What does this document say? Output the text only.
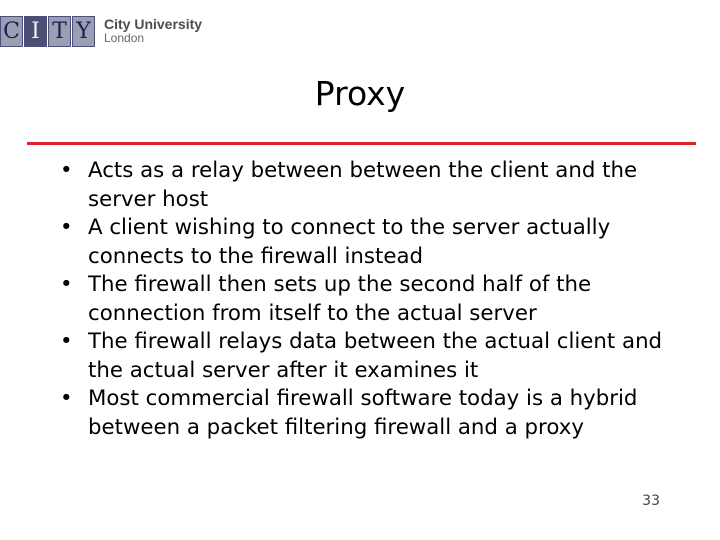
C I T Y City University
London
Proxy
• Acts as a relay between between the client and the server host
• A client wishing to connect to the server actually connects to the firewall instead
• The firewall then sets up the second half of the connection from itself to the actual server
• The firewall relays data between the actual client and the actual server after it examines it
• Most commercial firewall software today is a hybrid between a packet filtering firewall and a proxy
33
